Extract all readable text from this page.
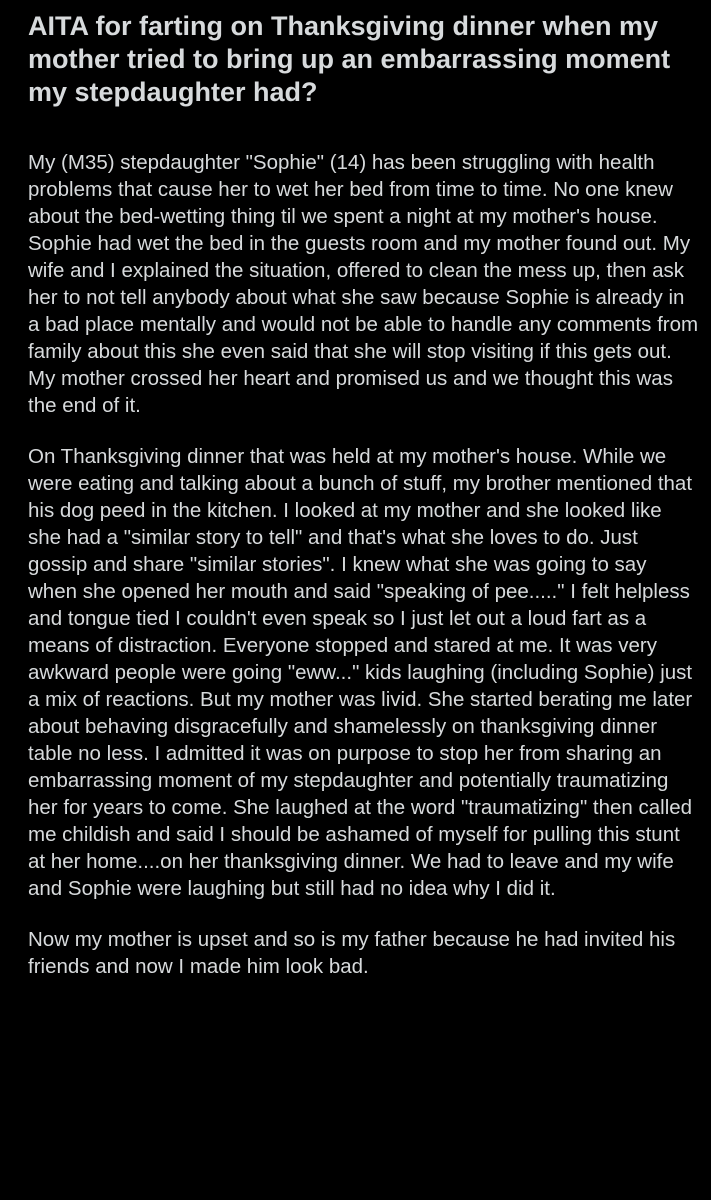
AITA for farting on Thanksgiving dinner when my mother tried to bring up an embarrassing moment my stepdaughter had?

My (M35) stepdaughter "Sophie" (14) has been struggling with health problems that cause her to wet her bed from time to time. No one knew about the bed-wetting thing til we spent a night at my mother's house. Sophie had wet the bed in the guests room and my mother found out. My wife and I explained the situation, offered to clean the mess up, then ask her to not tell anybody about what she saw because Sophie is already in a bad place mentally and would not be able to handle any comments from family about this she even said that she will stop visiting if this gets out. My mother crossed her heart and promised us and we thought this was the end of it.

On Thanksgiving dinner that was held at my mother's house. While we were eating and talking about a bunch of stuff, my brother mentioned that his dog peed in the kitchen. I looked at my mother and she looked like she had a "similar story to tell" and that's what she loves to do. Just gossip and share "similar stories". I knew what she was going to say when she opened her mouth and said "speaking of pee....." I felt helpless and tongue tied I couldn't even speak so I just let out a loud fart as a means of distraction. Everyone stopped and stared at me. It was very awkward people were going "eww..." kids laughing (including Sophie) just a mix of reactions. But my mother was livid. She started berating me later about behaving disgracefully and shamelessly on thanksgiving dinner table no less. I admitted it was on purpose to stop her from sharing an embarrassing moment of my stepdaughter and potentially traumatizing her for years to come. She laughed at the word "traumatizing" then called me childish and said I should be ashamed of myself for pulling this stunt at her home....on her thanksgiving dinner. We had to leave and my wife and Sophie were laughing but still had no idea why I did it.

Now my mother is upset and so is my father because he had invited his friends and now I made him look bad.
